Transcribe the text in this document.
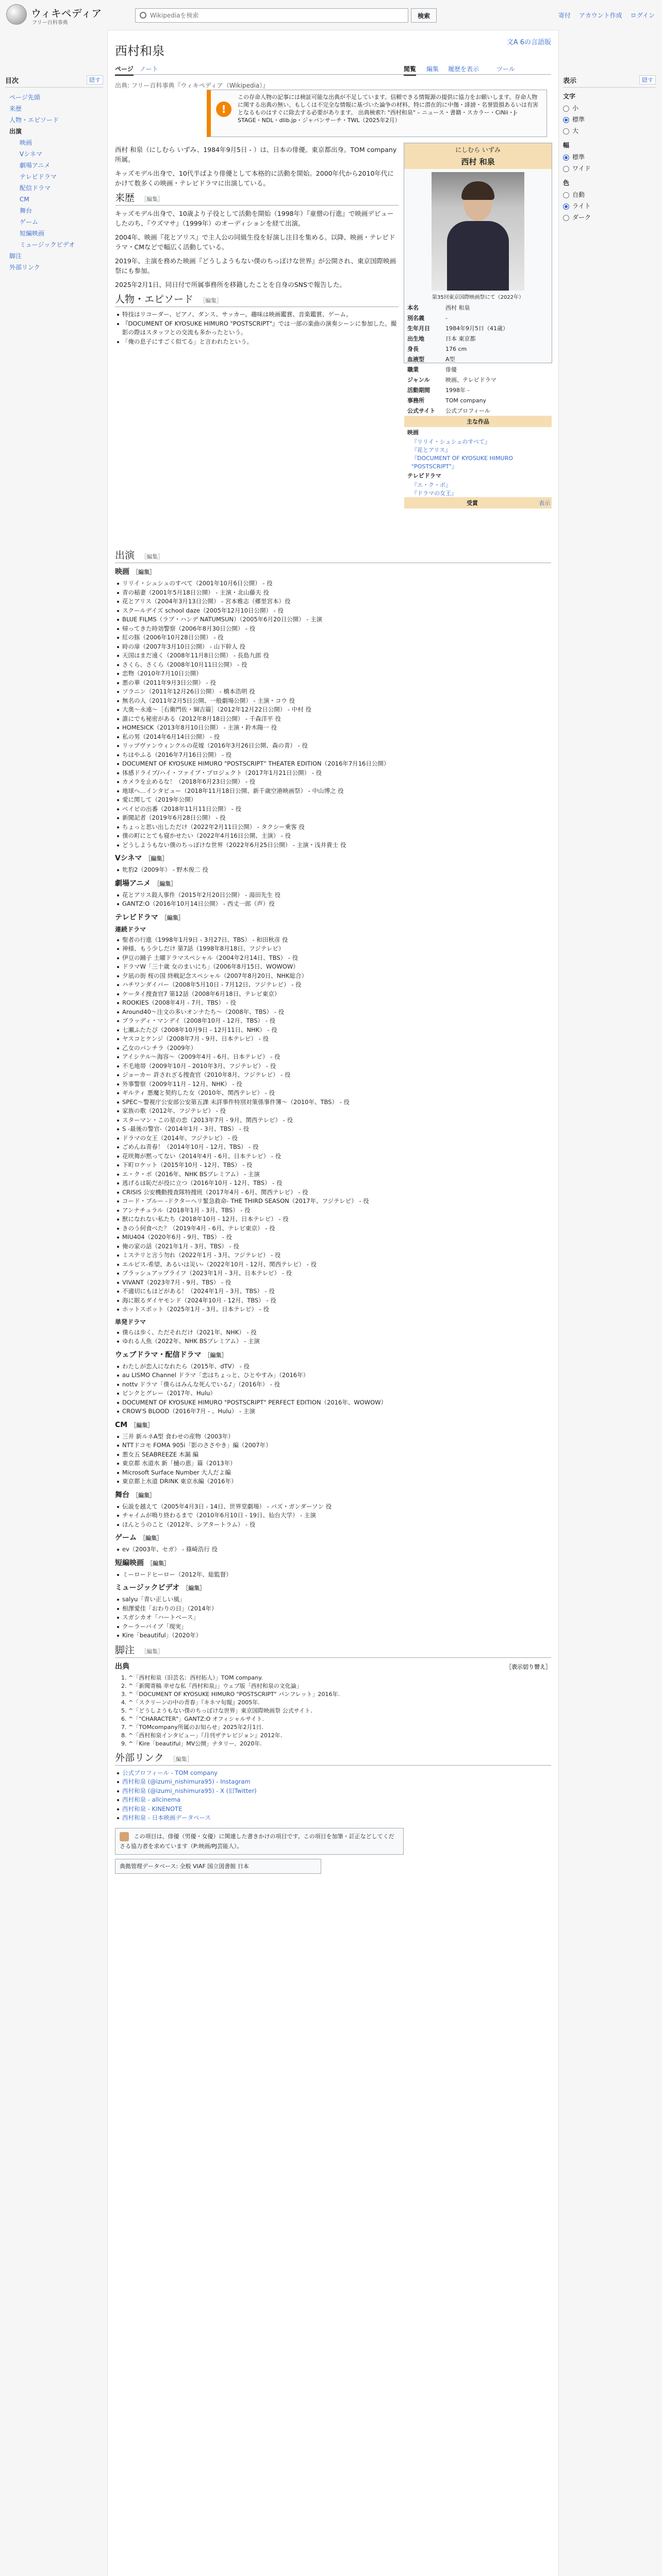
ウィキペディア
フリー百科事典
Wikipediaを検索
検索	寄付 アカウント作成 ログイン
目次	隠す
ページ先頭
来歴
人物・エピソード
出演
映画
Vシネマ
劇場アニメ
テレビドラマ
配信ドラマ
CM
舞台
ゲーム
短編映画
ミュージックビデオ
脚注
外部リンク
表示	隠す
文字
小
標準
大
幅
標準
ワイド
色
自動
ライト
ダーク
文A 6の言語版
西村和泉
ページ ノート	閲覧 編集 履歴を表示	ツール
出典: フリー百科事典『ウィキペディア（Wikipedia）』
!
この存命人物の記事には検証可能な出典が不足しています。信頼できる情報源の提供に協力をお願いします。存命人物に関する出典の無い、もしくは不完全な情報に基づいた論争の材料、特に潜在的に中傷・誹謗・名誉毀損あるいは有害となるものはすぐに除去する必要があります。 出典検索?: "西村和泉" – ニュース・書籍・スカラー・CiNii・J-STAGE・NDL・dlib.jp・ジャパンサーチ・TWL（2025年2月）
にしむら いずみ
西村 和泉
第35回東京国際映画祭にて（2022年）
本名	西村 和泉
別名義	-
生年月日	1984年9月5日（41歳）
出生地	日本 東京都
身長	176 cm
血液型	A型
職業	俳優
ジャンル	映画、テレビドラマ
活動期間	1998年 -
事務所	TOM company
公式サイト	公式プロフィール
主な作品
映画
『リリイ・シュシュのすべて』
『花とアリス』
『DOCUMENT OF KYOSUKE HIMURO "POSTSCRIPT"』
テレビドラマ
『エ・ク・ボ』
『ドラマの女王』
受賞	表示

西村 和泉（にしむら いずみ、1984年9月5日 - ）は、日本の俳優。東京都出身。TOM company所属。

キッズモデル出身で、10代半ばより俳優として本格的に活動を開始。2000年代から2010年代にかけて数多くの映画・テレビドラマに出演している。

来歴 ［編集］

キッズモデル出身で、10歳より子役として活動を開始（1998年）『童僧の行進』で映画デビューしたのち、『ウズマサ』（1999年）のオーディションを経て出演。

2004年、映画『花とアリス』で主人公の同級生役を好演し注目を集める。以降、映画・テレビドラマ・CMなどで幅広く活動している。

2019年、主演を務めた映画『どうしようもない僕のちっぽけな世界』が公開され、東京国際映画祭にも参加。

2025年2月1日、同日付で所属事務所を移籍したことを自身のSNSで報告した。

人物・エピソード ［編集］
特技はリコーダー、ピアノ、ダンス、サッカー。趣味は映画鑑賞、音楽鑑賞、ゲーム。
『DOCUMENT OF KYOSUKE HIMURO "POSTSCRIPT"』では一部の楽曲の演奏シーンに参加した。撮影の際はスタッフとの交流も多かったという。
「俺の息子にすごく似てる」と言われたという。
出演 ［編集］
映画 ［編集］
リリイ・シュシュのすべて（2001年10月6日公開） - 役
青の稲妻（2001年5月18日公開） - 主演・北山藤夫 役
花とアリス（2004年3月13日公開） - 宮本雅志（郷里宮本）役
スクールデイズ school daze（2005年12月10日公開） - 役
BLUE FILMS（ラブ・ハンデ NATUMSUN）（2005年6月20日公開） - 主演
帰ってきた時効警察（2006年8月30日公開） - 役
紅の豚（2006年10月28日公開） - 役
時の扉（2007年3月10日公開） - 山下幹人 役
天国はまだ遠く（2008年11月8日公開） - 長島九郎 役
さくら、さくら（2008年10月11日公開） - 役
恋物（2010年7月10日公開）
悪の華（2011年9月3日公開） - 役
ソラニン（2011年12月26日公開） - 橋本浩明 役
無名の人（2011年2月5日公開、一般劇場公開） - 主演・コウ 役
大奥〜永遠〜［右衛門佐・綱吉篇］（2012年12月22日公開） - 中村 役
誰にでも秘密がある（2012年8月18日公開） - 千森洋平 役
HOMESICK（2013年8月10日公開） - 主演・鈴木陽一 役
私の男（2014年6月14日公開） - 役
リップヴァンウィンクルの花嫁（2016年3月26日公開、森の青） - 役
ちはやふる（2016年7月16日公開） - 役
DOCUMENT OF KYOSUKE HIMURO "POSTSCRIPT" THEATER EDITION（2016年7月16日公開）
体感ドライブ/ハイ・ファイブ・プロジェクト（2017年1月21日公開） - 役
カメラを止めるな！（2018年6月23日公開） - 役
地球へ…インタビュー（2018年11月18日公開、新千歳空港映画祭） - 中山博之 役
愛に関して（2019年公開）
ベイビの出番（2018年11月11日公開） - 役
新聞記者（2019年6月28日公開） - 役
ちょっと思い出しただけ（2022年2月11日公開） - タクシー乗客 役
僕の町にとても寝かせたい（2022年4月16日公開、主演） - 役
どうしようもない僕のちっぽけな世界（2022年6月25日公開） - 主演・浅井貴士 役
Vシネマ ［編集］
牝豹2（2009年） - 野木俊二 役
劇場アニメ ［編集］
花とアリス殺人事件（2015年2月20日公開） - 湯田先生 役
GANTZ:O（2016年10月14日公開） - 西丈一郎（声）役
テレビドラマ ［編集］
連続ドラマ
聖者の行進（1998年1月9日 - 3月27日、TBS） - 和田秋彦 役
神様、もう少しだけ 第7話（1998年8月18日、フジテレビ）
伊豆の踊子 土曜ドラマスペシャル（2004年2月14日、TBS） - 役
ドラマW「三十歳 女のまいにち」（2006年8月15日、WOWOW）
夕凪の街 桜の国 終戦記念スペシャル（2007年8月20日、NHK総合）
ハチワンダイバー（2008年5月10日 - 7月12日、フジテレビ） - 役
ケータイ捜査官7 第12話（2008年6月18日、テレビ東京）
ROOKIES（2008年4月 - 7月、TBS） - 役
Around40〜注文の多いオンナたち〜（2008年、TBS） - 役
ブラッディ・マンデイ（2008年10月 - 12月、TBS） - 役
七瀬ふたたび（2008年10月9日 - 12月11日、NHK） - 役
ヤスコとケンジ（2008年7月 - 9月、日本テレビ） - 役
乙女のパンチラ（2009年）
アイシテル〜海容〜（2009年4月 - 6月、日本テレビ） - 役
不毛地帯（2009年10月 - 2010年3月、フジテレビ） - 役
ジョーカー 許されざる捜査官（2010年8月、フジテレビ） - 役
外事警察（2009年11月 - 12月、NHK） - 役
ギルティ 悪魔と契約した女（2010年、関西テレビ） - 役
SPEC〜警視庁公安部公安第五課 未詳事件特別対策係事件簿〜（2010年、TBS） - 役
家族の歌（2012年、フジテレビ） - 役
スターマン・この星の恋（2013年7月 - 9月、関西テレビ） - 役
S -最後の警官-（2014年1月 - 3月、TBS） - 役
ドラマの女王（2014年、フジテレビ） - 役
ごめんね青春！（2014年10月 - 12月、TBS） - 役
花咲舞が黙ってない（2014年4月 - 6月、日本テレビ） - 役
下町ロケット（2015年10月 - 12月、TBS） - 役
エ・ク・ボ（2016年、NHK BSプレミアム） - 主演
逃げるは恥だが役に立つ（2016年10月 - 12月、TBS） - 役
CRISIS 公安機動捜査隊特捜班（2017年4月 - 6月、関西テレビ） - 役
コード・ブルー -ドクターヘリ緊急救命- THE THIRD SEASON（2017年、フジテレビ） - 役
アンナチュラル（2018年1月 - 3月、TBS） - 役
獣になれない私たち（2018年10月 - 12月、日本テレビ） - 役
きのう何食べた？（2019年4月 - 6月、テレビ東京） - 役
MIU404（2020年6月 - 9月、TBS） - 役
俺の家の話（2021年1月 - 3月、TBS） - 役
ミステリと言う勿れ（2022年1月 - 3月、フジテレビ） - 役
エルピス-希望、あるいは災い-（2022年10月 - 12月、関西テレビ） - 役
ブラッシュアップライフ（2023年1月 - 3月、日本テレビ） - 役
VIVANT（2023年7月 - 9月、TBS） - 役
不適切にもほどがある！（2024年1月 - 3月、TBS） - 役
海に眠るダイヤモンド（2024年10月 - 12月、TBS） - 役
ホットスポット（2025年1月 - 3月、日本テレビ） - 役
単発ドラマ
僕らは歩く、ただそれだけ（2021年、NHK） - 役
ゆれる人魚（2022年、NHK BSプレミアム） - 主演
ウェブドラマ・配信ドラマ ［編集］
わたしが恋人になれたら（2015年、dTV） - 役
au LISMO Channel ドラマ「恋はちょっと、ひとやすみ」（2016年）
nottv ドラマ「僕らはみんな死んでいる♪」（2016年） - 役
ピンクとグレー（2017年、Hulu）
DOCUMENT OF KYOSUKE HIMURO "POSTSCRIPT" PERFECT EDITION（2016年、WOWOW）
CROW'S BLOOD（2016年7月 - 、Hulu） - 主演
CM ［編集］
三井 新ルネA型 食わせの産物（2003年）
NTTドコモ FOMA 905i「影のささやき」編（2007年）
悪女五 SEABREEZE 木漏 編
東京都 水道水 新「樋の恵」篇（2013年）
Microsoft Surface Number 大人だよ編
東京都上水道 DRINK 東京水編（2016年）
舞台 ［編集］
伝説を越えて（2005年4月3日 - 14日、世界堂劇場） - パズ・ガンダーソン 役
チャイムが鳴り終わるまで（2010年6月10日 - 19日、仙台大学） - 主演
ほんとうのこと（2012年、シアタートラム） - 役
ゲーム ［編集］
ev（2003年、セガ） - 篠崎浩行 役
短編映画 ［編集］
ミーロードヒーロー（2012年、総監督）
ミュージックビデオ ［編集］
salyu「青い正しい風」
相澤愛佳「おわりの日」（2014年）
スガシカオ「ハートベース」
クーラーバイブ「現実」
Kire「beautiful」（2020年）
脚注 ［編集］
出典	［表示切り替え］
1. ^「西村和泉（旧芸名：西村拓人）」TOM company.
2. ^「新聞寄稿 幸せな私『西村和泉』」ウェブ版「西村和泉の文化論」
3. ^「DOCUMENT OF KYOSUKE HIMURO "POSTSCRIPT" パンフレット」2016年.
4. ^「スクリーンの中の青春」『キネマ旬報』2005年.
5. ^「どうしようもない僕のちっぽけな世界」東京国際映画祭 公式サイト.
6. ^「"CHARACTER"」GANTZ:O オフィシャルサイト.
7. ^「TOMcompany所属のお知らせ」2025年2月1日.
8. ^「西村和泉インタビュー」『月刊ザテレビジョン』2012年.
9. ^「Kire「beautiful」MV公開」ナタリー、2020年.
外部リンク ［編集］
公式プロフィール - TOM company
西村和泉 (@izumi_nishimura95) - Instagram
西村和泉 (@izumi_nishimura95) - X (旧Twitter)
西村和泉 - allcinema
西村和泉 - KINENOTE
西村和泉 - 日本映画データベース
この項目は、俳優（男優・女優）に関連した書きかけの項目です。この項目を加筆・訂正などしてくださる協力者を求めています（P:映画/PJ芸能人）。
典拠管理データベース: 全般 VIAF 国立図書館 日本
